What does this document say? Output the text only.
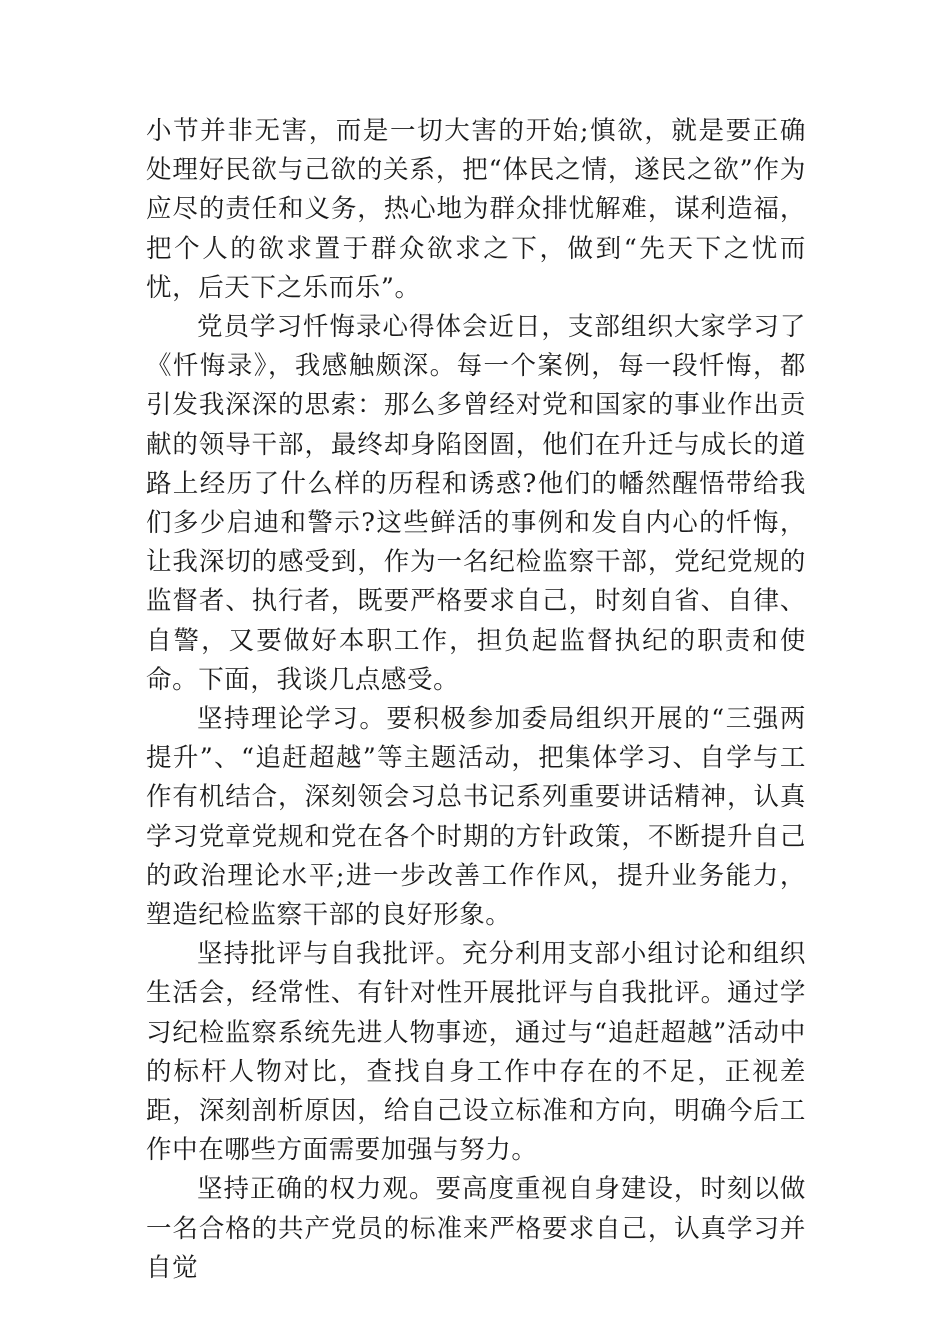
小节并非无害，而是一切大害的开始;慎欲，就是要正确处理好民欲与己欲的关系，把“体民之情，遂民之欲”作为应尽的责任和义务，热心地为群众排忧解难，谋利造福，把个人的欲求置于群众欲求之下，做到“先天下之忧而忧，后天下之乐而乐”。

党员学习忏悔录心得体会近日，支部组织大家学习了《忏悔录》，我感触颇深。每一个案例，每一段忏悔，都引发我深深的思索：那么多曾经对党和国家的事业作出贡献的领导干部，最终却身陷囹圄，他们在升迁与成长的道路上经历了什么样的历程和诱惑?他们的幡然醒悟带给我们多少启迪和警示?这些鲜活的事例和发自内心的忏悔，让我深切的感受到，作为一名纪检监察干部，党纪党规的监督者、执行者，既要严格要求自己，时刻自省、自律、自警，又要做好本职工作，担负起监督执纪的职责和使命。下面，我谈几点感受。

坚持理论学习。要积极参加委局组织开展的“三强两提升”、“追赶超越”等主题活动，把集体学习、自学与工作有机结合，深刻领会习总书记系列重要讲话精神，认真学习党章党规和党在各个时期的方针政策，不断提升自己的政治理论水平;进一步改善工作作风，提升业务能力，塑造纪检监察干部的良好形象。

坚持批评与自我批评。充分利用支部小组讨论和组织生活会，经常性、有针对性开展批评与自我批评。通过学习纪检监察系统先进人物事迹，通过与“追赶超越”活动中的标杆人物对比，查找自身工作中存在的不足，正视差距，深刻剖析原因，给自己设立标准和方向，明确今后工作中在哪些方面需要加强与努力。

坚持正确的权力观。要高度重视自身建设，时刻以做一名合格的共产党员的标准来严格要求自己，认真学习并自觉
